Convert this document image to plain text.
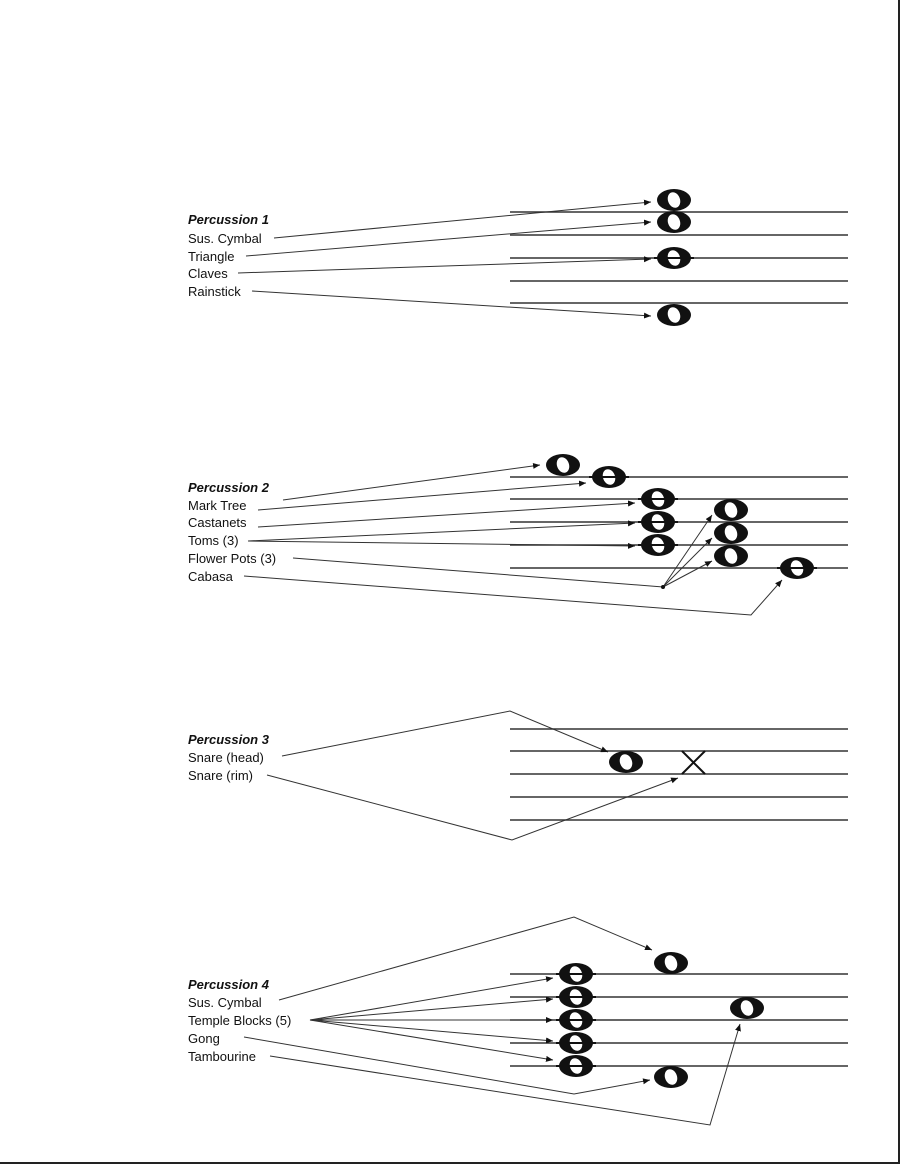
Percussion 1
Sus. Cymbal
Triangle
Claves
Rainstick
Percussion 2
Mark Tree
Castanets
Toms (3)
Flower Pots (3)
Cabasa
Percussion 3
Snare (head)
Snare (rim)
Percussion 4
Sus. Cymbal
Temple Blocks (5)
Gong
Tambourine
